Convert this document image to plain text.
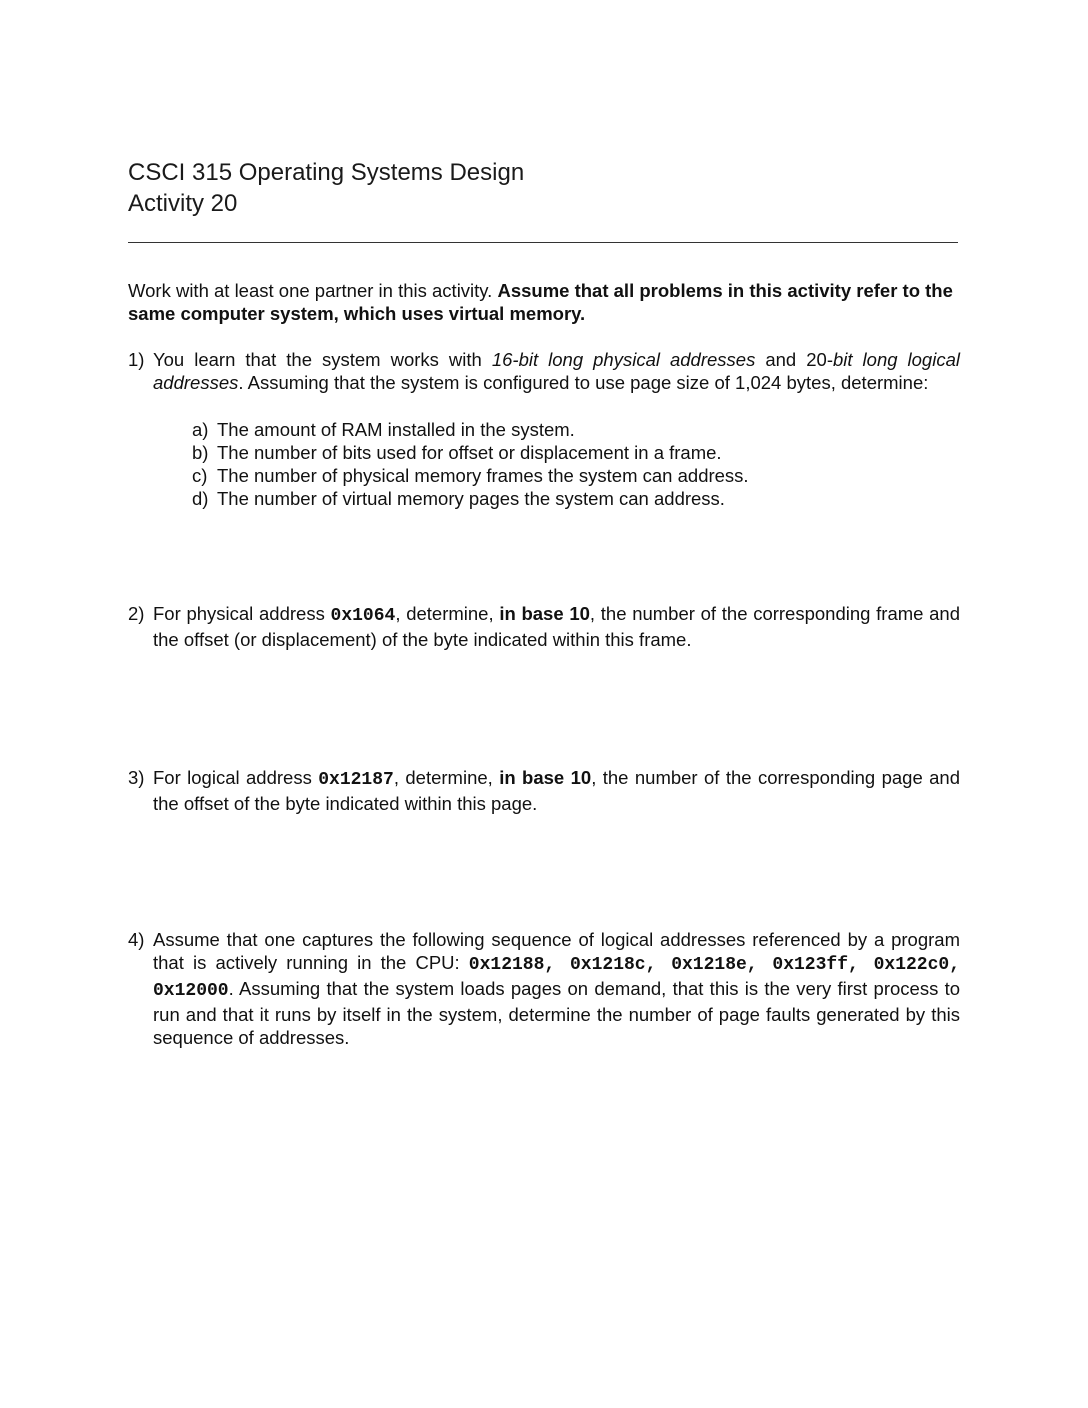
CSCI 315 Operating Systems Design
Activity 20
Work with at least one partner in this activity. Assume that all problems in this activity refer to the same computer system, which uses virtual memory.
1) You learn that the system works with 16-bit long physical addresses and 20-bit long logical addresses. Assuming that the system is configured to use page size of 1,024 bytes, determine:
a) The amount of RAM installed in the system.
b) The number of bits used for offset or displacement in a frame.
c) The number of physical memory frames the system can address.
d) The number of virtual memory pages the system can address.
2) For physical address 0x1064, determine, in base 10, the number of the corresponding frame and the offset (or displacement) of the byte indicated within this frame.
3) For logical address 0x12187, determine, in base 10, the number of the corresponding page and the offset of the byte indicated within this page.
4) Assume that one captures the following sequence of logical addresses referenced by a program that is actively running in the CPU: 0x12188, 0x1218c, 0x1218e, 0x123ff, 0x122c0,  0x12000. Assuming that the system loads pages on demand, that this is the very first process to run and that it runs by itself in the system, determine the number of page faults generated by this sequence of addresses.
